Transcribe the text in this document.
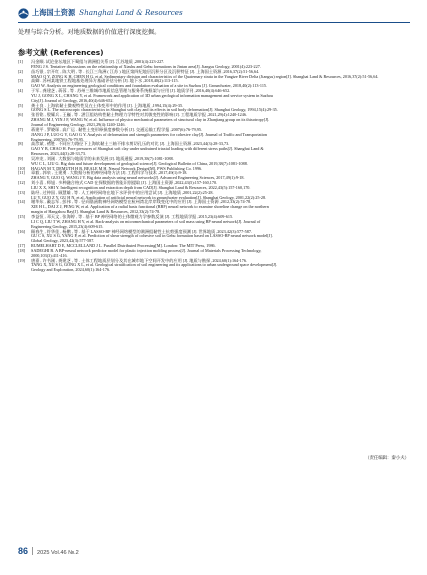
上海国土资源 Shanghai Land & Resources
处理与综合分析。对地质数据的价值进行深度挖掘。
参考文献 (References)
[1] 冯金顺. 试论金坛地区下蜀组与满洲组关系 [J]. 江苏地质 ,2001(4):223-227.
FENG J S. Tentative discussions on the relationship of Xiashu and Gehu formations in Jintan area[J]. Jiangsu Geology, 2001(4):223-227.
[2] 苗巧银 , 宗开红 , 陈大明 , 等 . 长江三角洲 ( 江苏 ) 地区第四纪地层沉积分区及沉积特征 [J]. 上海国土资源 ,2016,37(2):51-56,64.
MIAO Q Y, ZONG K H, CHEN H G, et al. Sedimentary division and characteristics of the Quaternary strata in the Yangtze River Delta (Jiangsu) region[J]. Shanghai Land & Resources, 2016,37(2):51-56,64.
[3] 高卿 . 苏州某地铁工程地基处理异方基础评估分析 [J]. 地下水 ,2018,40(2):113-115.
GAO W. Analysis on engineering geological conditions and foundation evaluation of a site in Suzhou [J]. Groundwater, 2018,40(2):113-115.
[4] 于军 , 龚建芝 , 蒋蓉 , 等 . 苏州三维城市地质信息管理与服务系统框架与应用 [J]. 地质学刊 ,2016,40(4):646-652.
YU J, GONG X L, CHANG Y, et al. Framework and application of 3D urban geological information management and service system in Suzhou
City[J]. Journal of Geology, 2016,40(4):646-652.
[5] 龚士良 . 上海软黏土微观特性及在土体变形中的作用 [J]. 上海地质 ,1994,15(4):29-35.
GONG S L. The microscopic characteristics in Shanghai soft clay and its effects in soil body deformation[J]. Shanghai Geology, 1994,15(4):29-35.
[6] 张晋铭 , 殷耀兵 , 王巍 , 等 . 湛江组结构性黏土物理力学特性对其敏变性的影响 [J]. 工程地质学报 ,2021,29(4):1240-1246.
ZHANG M J, YIN J F, WANG W, et al. Influence of physico mechanical parameters of structural clay in Zhanjiang group on its thixotropy[J].
Journal of Engineering Geology, 2021,29(4):1240-1246.
[7] 蒋建平 , 罗晓琛 , 高广运 . 黏性土变形释损度参数分析 [J]. 交通运输工程学报 ,2007(6):76-79,95.
JIANG J P, LUO G Y, GAO G Y. Analysis of deformation and strength parameters for cohesive clay[J]. Journal of Traffic and Transportation
Engineering, 2007(6):76-79,95.
[8] 高彦斌 , 褚胜 . 不同应力路径下上海软黏土三轴不排水剪切孔压的对比 [J]. 上海国土资源 ,2023,44(3):28-33,73.
GAO Y B, CHAO H. Pore pressures of Shanghai soft clay under undrained triaxial loading with different stress paths[J]. Shanghai Land &
Resources, 2023,44(3):28-33,73.
[9] 吴冲龙 , 刘刚 . 大数据与地质学的未来发展 [J]. 地质通报 ,2019,38(7):1081-1088.
WU C L, LIU G. Big data and future development of geological science[J]. Geological Bulletin of China, 2019,38(7):1081-1088.
[10] HAGAN M T, DEMUTH H B, BEALE M H. Neural Network Design[M]. PWS Publishing Co. 1996.
[11] 章毅 , 郭泉 , 王建勇 . 大数据分析的神经网络方法 [J]. 工程科学与技术 ,2017,49(1):9-18.
ZHANG Y, GUO Q, WANG J Y. Big data analysis using neural networks[J]. Advanced Engineering Sciences, 2017,49(1):9-18.
[12] 刘小喜 , 师旭 . 多种融合格式 CAD 在探数据的智能识别提取 [J]. 上海国土资源 ,2022,43(5):157-160,170.
LIU X X, SHI Y. Intelligent recognition and extraction depth from CAD[J]. Shanghai Land & Resources, 2022,43(5):157-160,170.
[13] 陆经 , 过仲国 , 顾慧雄 , 等 . 人工神经网络在地下水评价中的应用尝试 [J]. 上海地质 ,2001,22(2):25-28.
LU Y, GUO Z Y, GU H N, et al. Application of artificial neural network in groundwater evaluation[J]. Shanghai Geology, 2001,22(2):25-28.
[14] 谢华东 , 戴志军 , 彭伟 , 等 . 径向基函数神经网络模型在杭州湾北岸岸线变化中的应用 [J]. 上海国土资源 ,2012,33(2):74-78.
XIE H L, DAI Z J, PENG W, et al. Application of a radial basis functional (RBF) neural network to examine shoreline change on the northern
margin of Hangzhou Bay[J]. Shanghai Land & Resources, 2012,33(2):74-78.
[15] 李益恒 , 邓天文 , 张海婷 , 等 . 基于 BP 神经网络的土体微观力学参数反演 [J]. 工程地质学报 ,2015,23(4):609-615.
LI C Q, LIU T W, ZHANG H Y, et al. Back-analysis on micromechanical parameters of soil mass using BP neural network[J]. Journal of
Engineering Geology, 2015,23(4):609-615.
[16] 顾春生 , 符华佳 , 杨鹏 , 等 . 基于 LASSO-BP 神经网络模型的满洲组黏性土抗剪强度预测 [J]. 世界地质 ,2023,42(3):577-587.
GU C S, XU S G, YANG P, et al. Prediction of shear strength of cohesive soil in Gehu formation based on LASSO-BP neural network model[J].
Global Geology, 2023,42(3):577-587.
[17] RUMELHART D E, MCCLELLAND J L. Parallel Distributed Processing[M]. London: The MIT Press, 1986.
[18] SADEGHI B. A BP-neural network predictor model for plastic injection molding process[J]. Journal of Materials Processing Technology,
2000,103(3):411-416.
[19] 唐嘉 , 许书刚 , 龚建芝 , 等 . 土体工程地质层划分及其在城市地下空间开发中的应用 [J]. 地质与勘探 ,2024,60(1):164-176.
TANG X, XU S G, GONG X L, et al. Geological stratification of soil engineering and its applications to urban underground space development[J].
Geology and Exploration, 2024,60(1):164-176.
（责任编辑：秦小夫）
86 2025 Vol.46 №.2
